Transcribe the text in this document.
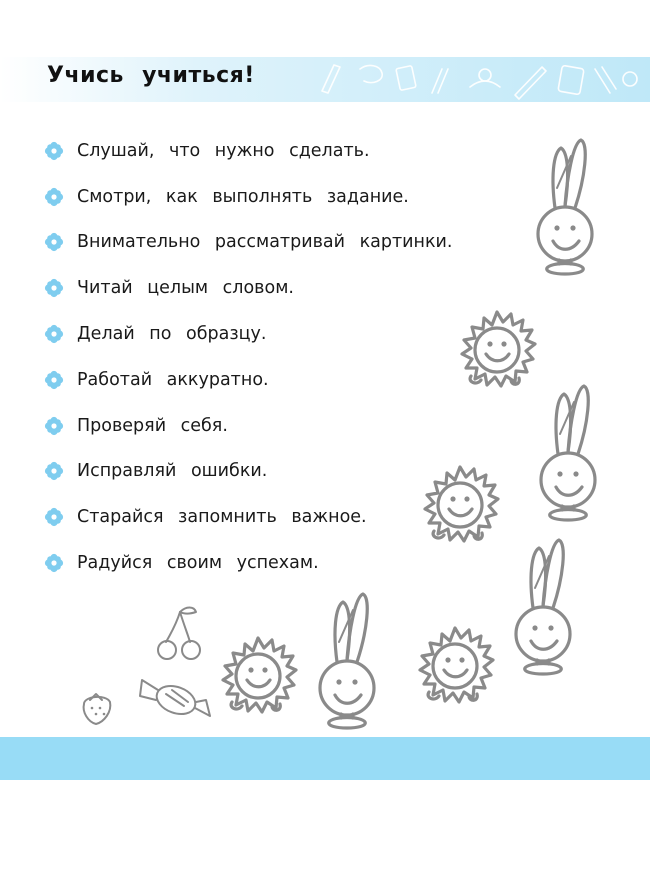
Учись учиться!
Слушай, что нужно сделать.
Смотри, как выполнять задание.
Внимательно рассматривай картинки.
Читай целым словом.
Делай по образцу.
Работай аккуратно.
Проверяй себя.
Исправляй ошибки.
Старайся запомнить важное.
Радуйся своим успехам.
